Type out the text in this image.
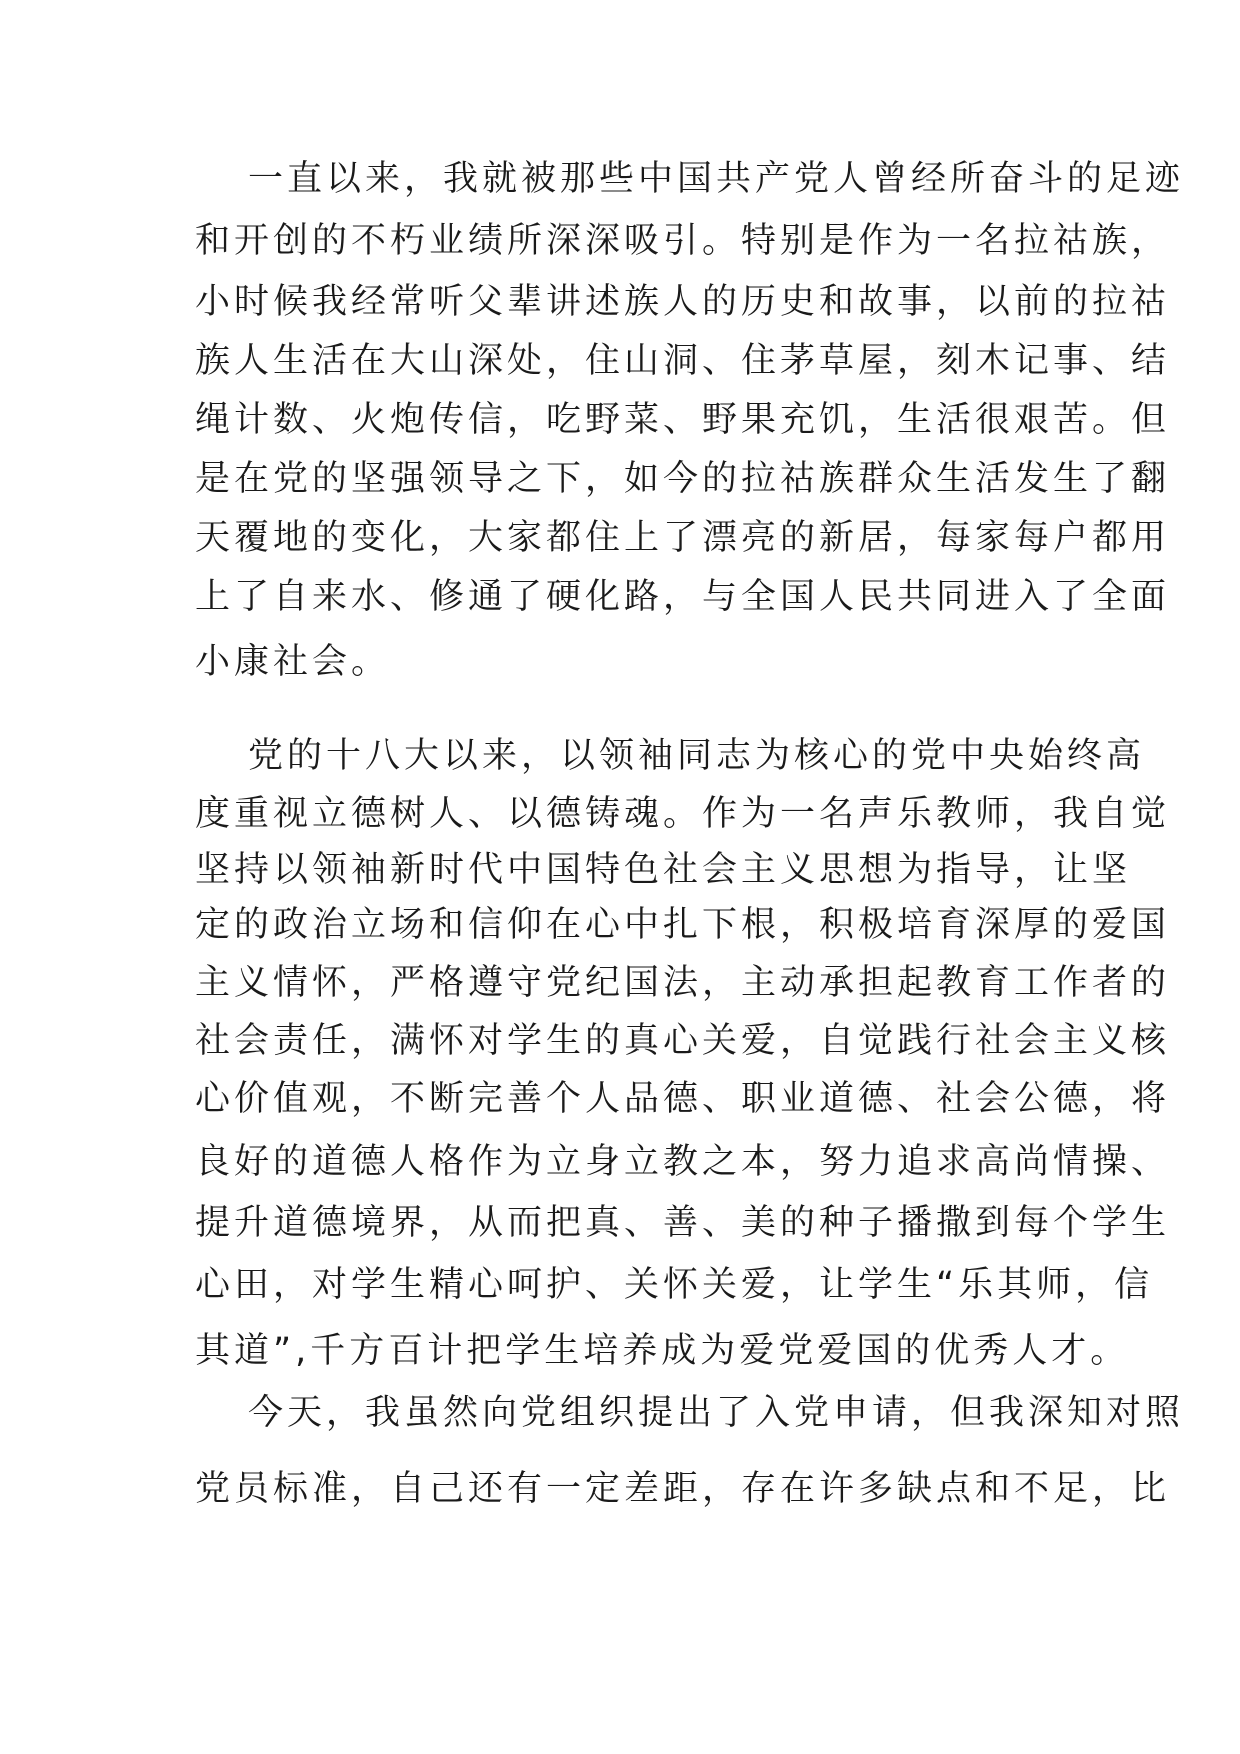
一直以来，我就被那些中国共产党人曾经所奋斗的足迹
和开创的不朽业绩所深深吸引。特别是作为一名拉祜族，
小时候我经常听父辈讲述族人的历史和故事，以前的拉祜
族人生活在大山深处，住山洞、住茅草屋，刻木记事、结
绳计数、火炮传信，吃野菜、野果充饥，生活很艰苦。但
是在党的坚强领导之下，如今的拉祜族群众生活发生了翻
天覆地的变化，大家都住上了漂亮的新居，每家每户都用
上了自来水、修通了硬化路，与全国人民共同进入了全面
小康社会。
党的十八大以来，以领袖同志为核心的党中央始终高
度重视立德树人、以德铸魂。作为一名声乐教师，我自觉
坚持以领袖新时代中国特色社会主义思想为指导，让坚
定的政治立场和信仰在心中扎下根，积极培育深厚的爱国
主义情怀，严格遵守党纪国法，主动承担起教育工作者的
社会责任，满怀对学生的真心关爱，自觉践行社会主义核
心价值观，不断完善个人品德、职业道德、社会公德，将
良好的道德人格作为立身立教之本，努力追求高尚情操、
提升道德境界，从而把真、善、美的种子播撒到每个学生
心田，对学生精心呵护、关怀关爱，让学生“乐其师，信
其道”,千方百计把学生培养成为爱党爱国的优秀人才。
今天，我虽然向党组织提出了入党申请，但我深知对照
党员标准，自己还有一定差距，存在许多缺点和不足，比
